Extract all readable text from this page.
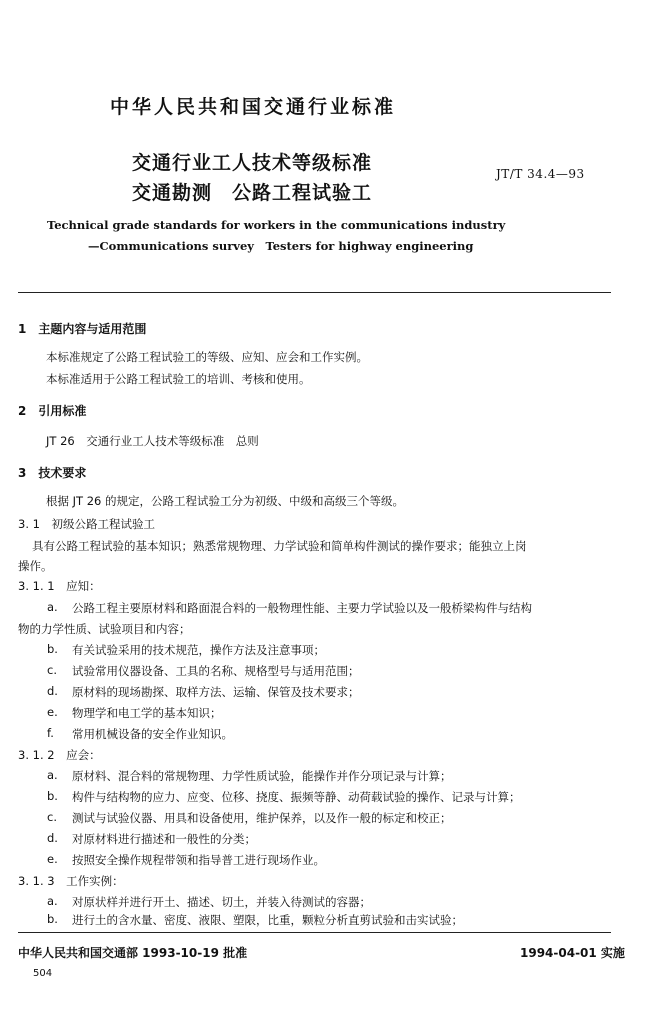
中华人民共和国交通行业标准
交通行业工人技术等级标准
交通勘测　公路工程试验工
JT/T 34.4—93
Technical grade standards for workers in the communications industry
—Communications survey　Testers for highway engineering
1　主题内容与适用范围
本标准规定了公路工程试验工的等级、应知、应会和工作实例。
本标准适用于公路工程试验工的培训、考核和使用。
2　引用标准
JT 26　交通行业工人技术等级标准　总则
3　技术要求
根据 JT 26 的规定，公路工程试验工分为初级、中级和高级三个等级。
3. 1　初级公路工程试验工
具有公路工程试验的基本知识；熟悉常规物理、力学试验和简单构件测试的操作要求；能独立上岗
操作。
3. 1. 1　应知：
a. 公路工程主要原材料和路面混合料的一般物理性能、主要力学试验以及一般桥梁构件与结构
物的力学性质、试验项目和内容；
b. 有关试验采用的技术规范，操作方法及注意事项；
c. 试验常用仪器设备、工具的名称、规格型号与适用范围；
d. 原材料的现场勘探、取样方法、运输、保管及技术要求；
e. 物理学和电工学的基本知识；
f. 常用机械设备的安全作业知识。
3. 1. 2　应会：
a. 原材料、混合料的常规物理、力学性质试验，能操作并作分项记录与计算；
b. 构件与结构物的应力、应变、位移、挠度、振频等静、动荷载试验的操作、记录与计算；
c. 测试与试验仪器、用具和设备使用，维护保养，以及作一般的标定和校正；
d. 对原材料进行描述和一般性的分类；
e. 按照安全操作规程带领和指导普工进行现场作业。
3. 1. 3　工作实例：
a. 对原状样并进行开土、描述、切土，并装入待测试的容器；
b. 进行土的含水量、密度、液限、塑限，比重，颗粒分析直剪试验和击实试验；
中华人民共和国交通部 1993-10-19 批准	1994-04-01 实施
504
